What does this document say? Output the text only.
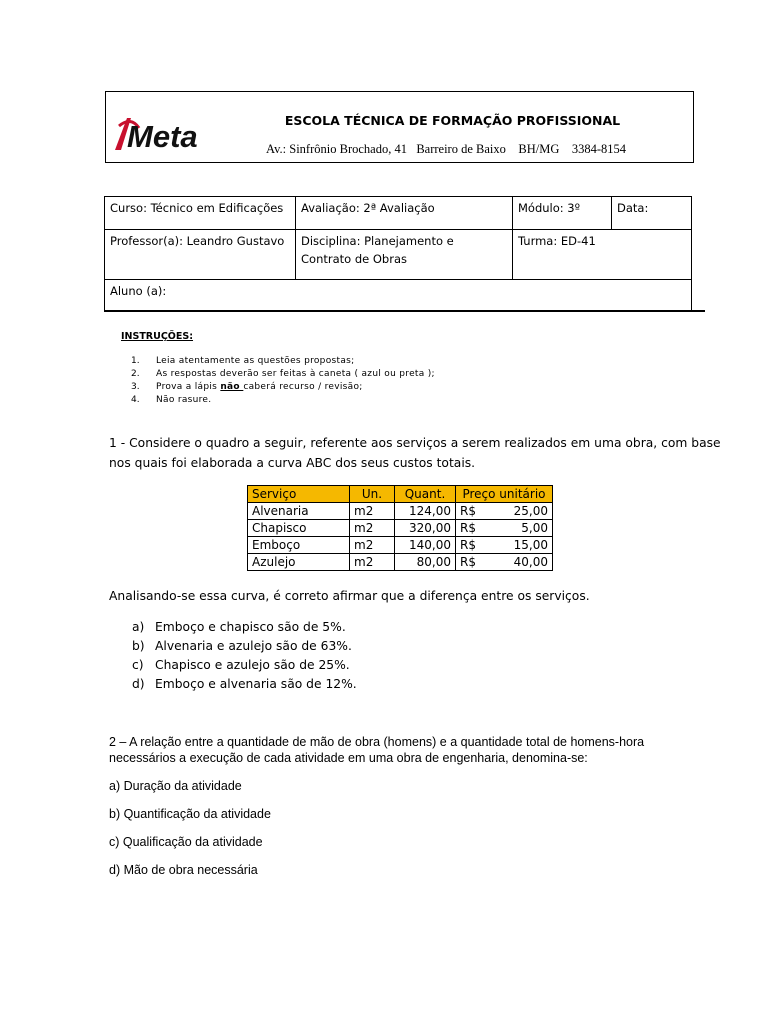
Meta	ESCOLA TÉCNICA DE FORMAÇÃO PROFISSIONAL
Av.: Sinfrônio Brochado, 41   Barreiro de Baixo    BH/MG    3384-8154
Curso: Técnico em Edificações	Avaliação: 2ª Avaliação	Módulo: 3º	Data:
Professor(a): Leandro Gustavo	Disciplina: Planejamento e Contrato de Obras	Turma: ED-41	
Aluno (a):			
INSTRUÇÕES:
1. Leia atentamente as questões propostas;
2. As respostas deverão ser feitas à caneta ( azul ou preta );
3. Prova a lápis não caberá recurso / revisão;
4. Não rasure.
1 - Considere o quadro a seguir, referente aos serviços a serem realizados em uma obra, com base
nos quais foi elaborada a curva ABC dos seus custos totais.
Serviço	Un.	Quant.	Preço unitário
Alvenaria	m2	124,00	R$ 25,00

Chapisco	m2	320,00	R$ 5,00

Emboço	m2	140,00	R$ 15,00

Azulejo	m2	80,00	R$ 40,00
Analisando-se essa curva, é correto afirmar que a diferença entre os serviços.
a) Emboço e chapisco são de 5%.
b) Alvenaria e azulejo são de 63%.
c) Chapisco e azulejo são de 25%.
d) Emboço e alvenaria são de 12%.
2 – A relação entre a quantidade de mão de obra (homens) e a quantidade total de homens-hora
necessários a execução de cada atividade em uma obra de engenharia, denomina-se:
a) Duração da atividade
b) Quantificação da atividade
c) Qualificação da atividade
d) Mão de obra necessária
